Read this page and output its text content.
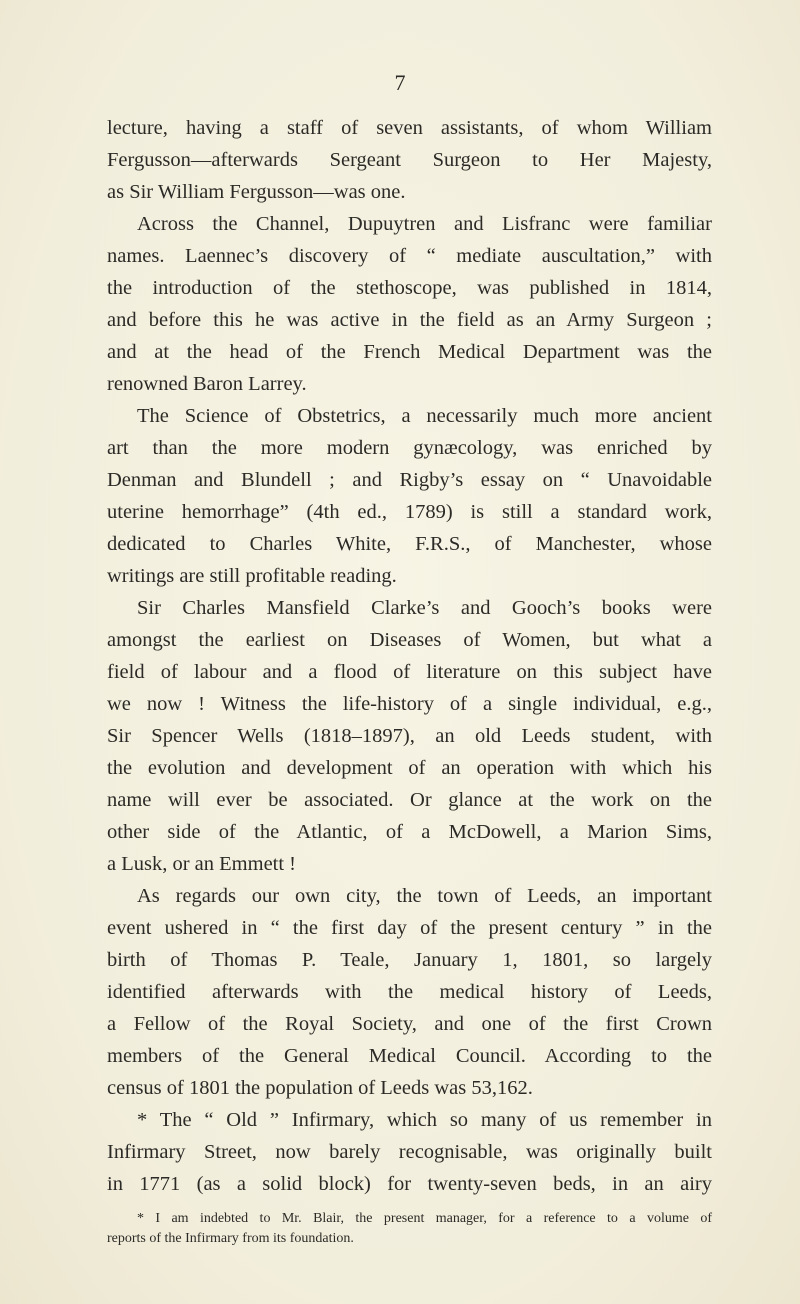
7
lecture, having a staff of seven assistants, of whom William
Fergusson—afterwards Sergeant Surgeon to Her Majesty,
as Sir William Fergusson—was one.
Across the Channel, Dupuytren and Lisfranc were familiar
names. Laennec’s discovery of “ mediate auscultation,” with
the introduction of the stethoscope, was published in 1814,
and before this he was active in the field as an Army Surgeon ;
and at the head of the French Medical Department was the
renowned Baron Larrey.
The Science of Obstetrics, a necessarily much more ancient
art than the more modern gynæcology, was enriched by
Denman and Blundell ; and Rigby’s essay on “ Unavoidable
uterine hemorrhage” (4th ed., 1789) is still a standard work,
dedicated to Charles White, F.R.S., of Manchester, whose
writings are still profitable reading.
Sir Charles Mansfield Clarke’s and Gooch’s books were
amongst the earliest on Diseases of Women, but what a
field of labour and a flood of literature on this subject have
we now ! Witness the life-history of a single individual, e.g.,
Sir Spencer Wells (1818–1897), an old Leeds student, with
the evolution and development of an operation with which his
name will ever be associated. Or glance at the work on the
other side of the Atlantic, of a McDowell, a Marion Sims,
a Lusk, or an Emmett !
As regards our own city, the town of Leeds, an important
event ushered in “ the first day of the present century ” in the
birth of Thomas P. Teale, January 1, 1801, so largely
identified afterwards with the medical history of Leeds,
a Fellow of the Royal Society, and one of the first Crown
members of the General Medical Council. According to the
census of 1801 the population of Leeds was 53,162.
* The “ Old ” Infirmary, which so many of us remember in
Infirmary Street, now barely recognisable, was originally built
in 1771 (as a solid block) for twenty-seven beds, in an airy
* I am indebted to Mr. Blair, the present manager, for a reference to a volume of
reports of the Infirmary from its foundation.
